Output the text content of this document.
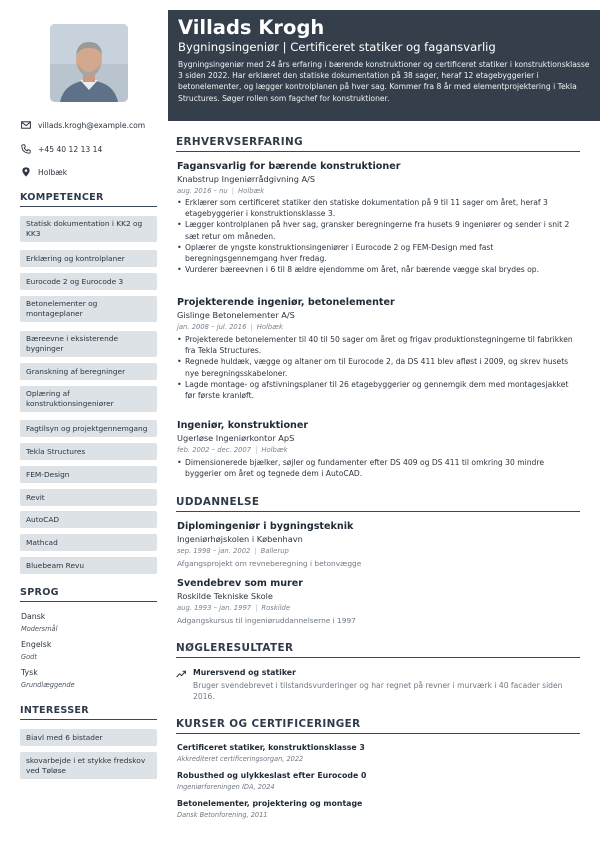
villads.krogh@example.com
+45 40 12 13 14
Holbæk
KOMPETENCER
Statisk dokumentation i KK2 og KK3
Erklæring og kontrolplaner
Eurocode 2 og Eurocode 3
Betonelementer og montageplaner
Bæreevne i eksisterende bygninger
Granskning af beregninger
Oplæring af konstruktionsingeniører
Fagtilsyn og projektgennemgang
Tekla Structures
FEM-Design
Revit
AutoCAD
Mathcad
Bluebeam Revu
SPROG
Dansk
Modersmål
Engelsk
Godt
Tysk
Grundlæggende
INTERESSER
Biavl med 6 bistader
skovarbejde i et stykke fredskov ved Tøløse
Villads Krogh
Bygningsingeniør | Certificeret statiker og fagansvarlig
Bygningsingeniør med 24 års erfaring i bærende konstruktioner og certificeret statiker i konstruktionsklasse 3 siden 2022. Har erklæret den statiske dokumentation på 38 sager, heraf 12 etagebyggerier i betonelementer, og lægger kontrolplanen på hver sag. Kommer fra 8 år med elementprojektering i Tekla Structures. Søger rollen som fagchef for konstruktioner.
ERHVERVSERFARING
Fagansvarlig for bærende konstruktioner
Knabstrup Ingeniørrådgivning A/S
aug. 2016 – nu | Holbæk
• Erklærer som certificeret statiker den statiske dokumentation på 9 til 11 sager om året, heraf 3 etagebyggerier i konstruktionsklasse 3.
• Lægger kontrolplanen på hver sag, gransker beregningerne fra husets 9 ingeniører og sender i snit 2 sæt retur om måneden.
• Oplærer de yngste konstruktionsingeniører i Eurocode 2 og FEM-Design med fast beregningsgennemgang hver fredag.
• Vurderer bæreevnen i 6 til 8 ældre ejendomme om året, når bærende vægge skal brydes op.
Projekterende ingeniør, betonelementer
Gislinge Betonelementer A/S
jan. 2008 – jul. 2016 | Holbæk
• Projekterede betonelementer til 40 til 50 sager om året og frigav produktionstegningerne til fabrikken fra Tekla Structures.
• Regnede huldæk, vægge og altaner om til Eurocode 2, da DS 411 blev afløst i 2009, og skrev husets nye beregningsskabeloner.
• Lagde montage- og afstivningsplaner til 26 etagebyggerier og gennemgik dem med montagesjakket før første kranløft.
Ingeniør, konstruktioner
Ugerløse Ingeniørkontor ApS
feb. 2002 – dec. 2007 | Holbæk
• Dimensionerede bjælker, søjler og fundamenter efter DS 409 og DS 411 til omkring 30 mindre byggerier om året og tegnede dem i AutoCAD.
UDDANNELSE
Diplomingeniør i bygningsteknik
Ingeniørhøjskolen i København
sep. 1998 – jan. 2002 | Ballerup
Afgangsprojekt om revneberegning i betonvægge
Svendebrev som murer
Roskilde Tekniske Skole
aug. 1993 – jan. 1997 | Roskilde
Adgangskursus til ingeniøruddannelserne i 1997
NØGLERESULTATER
Murersvend og statiker
Bruger svendebrevet i tilstandsvurderinger og har regnet på revner i murværk i 40 facader siden 2016.
KURSER OG CERTIFICERINGER
Certificeret statiker, konstruktionsklasse 3
Akkrediteret certificeringsorgan, 2022
Robusthed og ulykkeslast efter Eurocode 0
Ingeniørforeningen IDA, 2024
Betonelementer, projektering og montage
Dansk Betonforening, 2011
